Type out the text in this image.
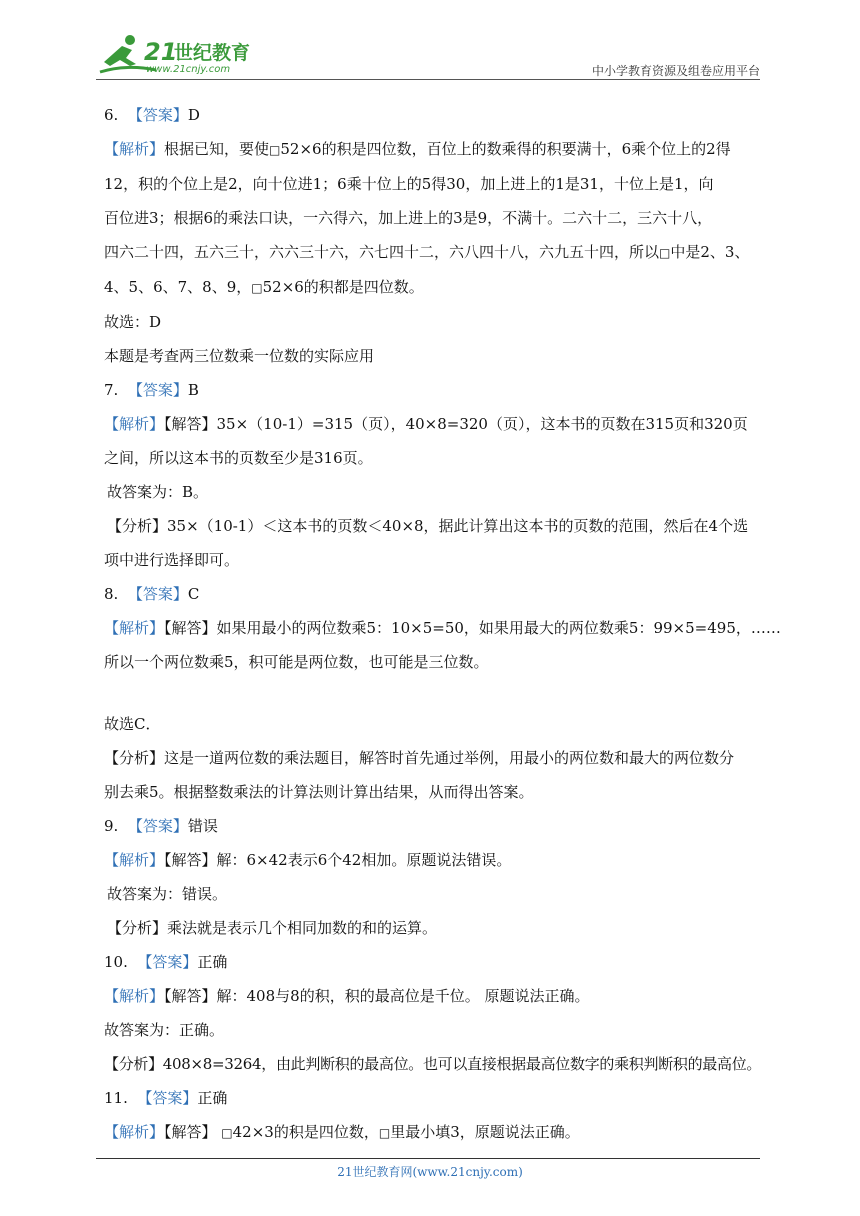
21
世纪教育
www.21cnjy.com	中小学教育资源及组卷应用平台
6. 【答案】D
【解析】根据已知，要使□52×6的积是四位数，百位上的数乘得的积要满十，6乘个位上的2得
12，积的个位上是2，向十位进1；6乘十位上的5得30，加上进上的1是31，十位上是1，向
百位进3；根据6的乘法口诀，一六得六，加上进上的3是9，不满十。二六十二，三六十八，
四六二十四，五六三十，六六三十六，六七四十二，六八四十八，六九五十四，所以□中是2、3、
4、5、6、7、8、9，□52×6的积都是四位数。
故选：D
本题是考查两三位数乘一位数的实际应用
7. 【答案】B
【解析】【解答】35×（10-1）=315（页），40×8=320（页），这本书的页数在315页和320页
之间，所以这本书的页数至少是316页。
故答案为：B。
【分析】35×（10-1）＜这本书的页数＜40×8，据此计算出这本书的页数的范围，然后在4个选
项中进行选择即可。
8. 【答案】C
【解析】【解答】如果用最小的两位数乘5：10×5=50，如果用最大的两位数乘5：99×5=495，……
所以一个两位数乘5，积可能是两位数，也可能是三位数。
故选C．
【分析】这是一道两位数的乘法题目，解答时首先通过举例，用最小的两位数和最大的两位数分
别去乘5。根据整数乘法的计算法则计算出结果，从而得出答案。
9. 【答案】错误
【解析】【解答】解：6×42表示6个42相加。原题说法错误。
故答案为：错误。
【分析】乘法就是表示几个相同加数的和的运算。
10. 【答案】正确
【解析】【解答】解：408与8的积，积的最高位是千位。 原题说法正确。
故答案为：正确。
【分析】408×8=3264，由此判断积的最高位。也可以直接根据最高位数字的乘积判断积的最高位。
11. 【答案】正确
【解析】【解答】 □42×3的积是四位数，□里最小填3，原题说法正确。
21世纪教育网(www.21cnjy.com)
